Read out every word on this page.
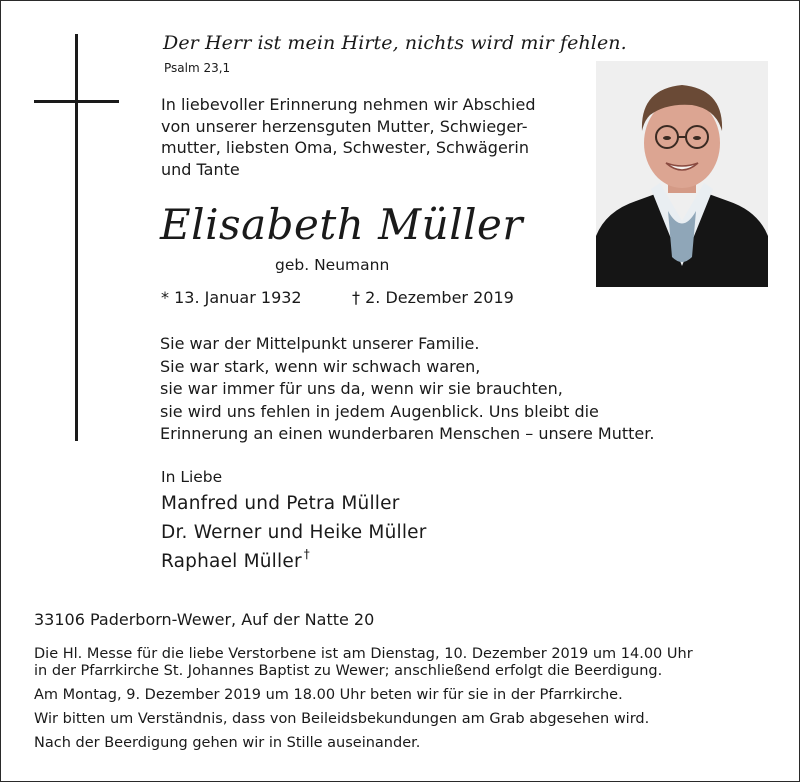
Der Herr ist mein Hirte, nichts wird mir fehlen.
Psalm 23,1
In liebevoller Erinnerung nehmen wir Abschied
von unserer herzensguten Mutter, Schwieger-
mutter, liebsten Oma, Schwester, Schwägerin
und Tante
Elisabeth Müller
geb. Neumann
* 13. Januar 1932	† 2. Dezember 2019
Sie war der Mittelpunkt unserer Familie.
Sie war stark, wenn wir schwach waren,
sie war immer für uns da, wenn wir sie brauchten,
sie wird uns fehlen in jedem Augenblick. Uns bleibt die
Erinnerung an einen wunderbaren Menschen – unsere Mutter.
In Liebe
Manfred und Petra Müller
Dr. Werner und Heike Müller
Raphael Müller †
33106 Paderborn-Wewer, Auf der Natte 20
Die Hl. Messe für die liebe Verstorbene ist am Dienstag, 10. Dezember 2019 um 14.00 Uhr
in der Pfarrkirche St. Johannes Baptist zu Wewer; anschließend erfolgt die Beerdigung.
Am Montag, 9. Dezember 2019 um 18.00 Uhr beten wir für sie in der Pfarrkirche.
Wir bitten um Verständnis, dass von Beileidsbekundungen am Grab abgesehen wird.
Nach der Beerdigung gehen wir in Stille auseinander.
